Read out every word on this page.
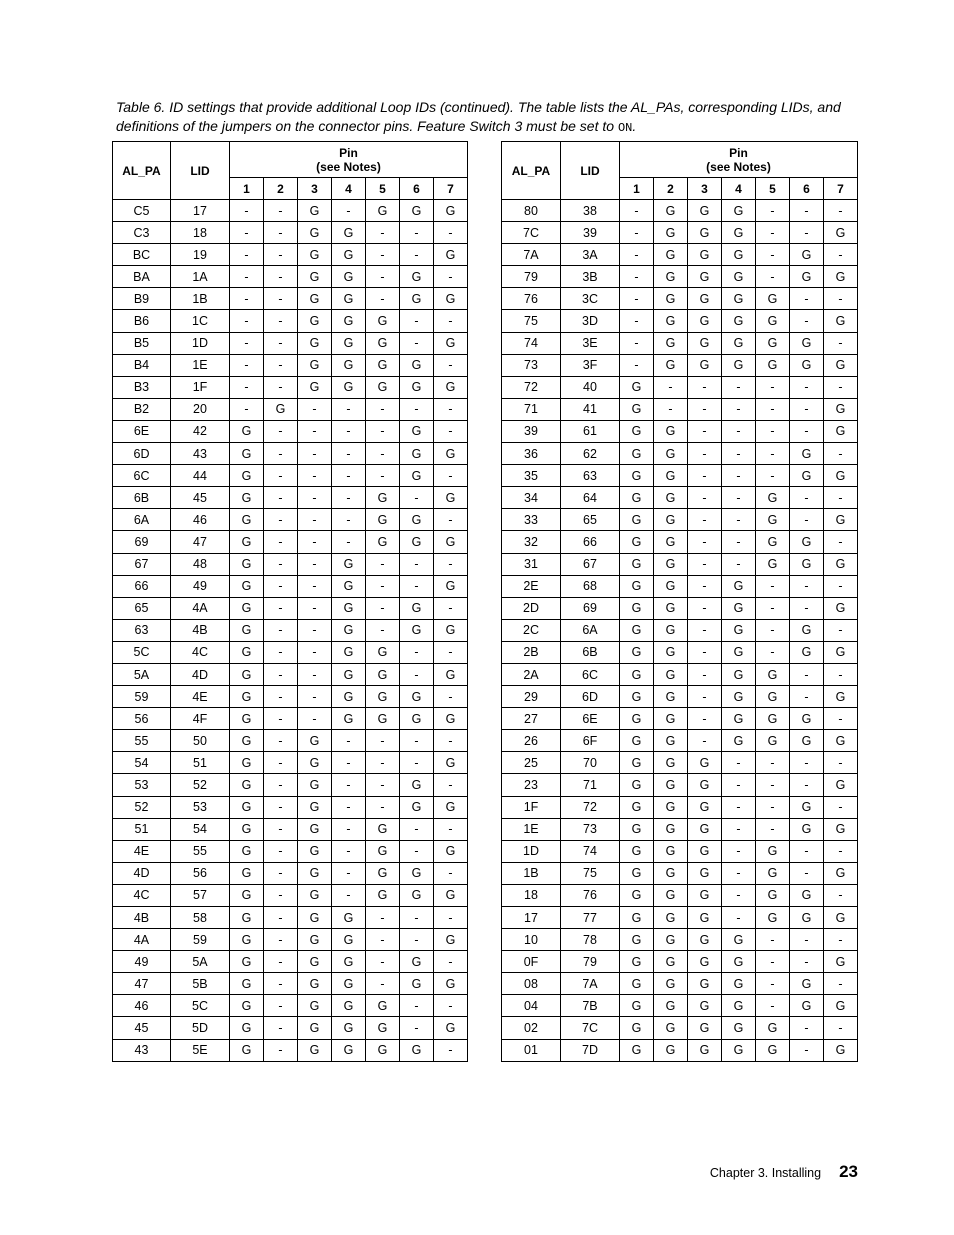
Table 6. ID settings that provide additional Loop IDs (continued). The table lists the AL_PAs, corresponding LIDs, and definitions of the jumpers on the connector pins. Feature Switch 3 must be set to ON.
AL_PA	LID	Pin
(see Notes)								AL_PA	LID	Pin
(see Notes)						
		1	2	3	4	5	6	7				1	2	3	4	5	6	7
C5	17	-	-	G	-	G	G	G		80	38	-	G	G	G	-	-	-
C3	18	-	-	G	G	-	-	-		7C	39	-	G	G	G	-	-	G
BC	19	-	-	G	G	-	-	G		7A	3A	-	G	G	G	-	G	-
BA	1A	-	-	G	G	-	G	-		79	3B	-	G	G	G	-	G	G
B9	1B	-	-	G	G	-	G	G		76	3C	-	G	G	G	G	-	-
B6	1C	-	-	G	G	G	-	-		75	3D	-	G	G	G	G	-	G
B5	1D	-	-	G	G	G	-	G		74	3E	-	G	G	G	G	G	-
B4	1E	-	-	G	G	G	G	-		73	3F	-	G	G	G	G	G	G
B3	1F	-	-	G	G	G	G	G		72	40	G	-	-	-	-	-	-
B2	20	-	G	-	-	-	-	-		71	41	G	-	-	-	-	-	G
6E	42	G	-	-	-	-	G	-		39	61	G	G	-	-	-	-	G
6D	43	G	-	-	-	-	G	G		36	62	G	G	-	-	-	G	-
6C	44	G	-	-	-	-	G	-		35	63	G	G	-	-	-	G	G
6B	45	G	-	-	-	G	-	G		34	64	G	G	-	-	G	-	-
6A	46	G	-	-	-	G	G	-		33	65	G	G	-	-	G	-	G
69	47	G	-	-	-	G	G	G		32	66	G	G	-	-	G	G	-
67	48	G	-	-	G	-	-	-		31	67	G	G	-	-	G	G	G
66	49	G	-	-	G	-	-	G		2E	68	G	G	-	G	-	-	-
65	4A	G	-	-	G	-	G	-		2D	69	G	G	-	G	-	-	G
63	4B	G	-	-	G	-	G	G		2C	6A	G	G	-	G	-	G	-
5C	4C	G	-	-	G	G	-	-		2B	6B	G	G	-	G	-	G	G
5A	4D	G	-	-	G	G	-	G		2A	6C	G	G	-	G	G	-	-
59	4E	G	-	-	G	G	G	-		29	6D	G	G	-	G	G	-	G
56	4F	G	-	-	G	G	G	G		27	6E	G	G	-	G	G	G	-
55	50	G	-	G	-	-	-	-		26	6F	G	G	-	G	G	G	G
54	51	G	-	G	-	-	-	G		25	70	G	G	G	-	-	-	-
53	52	G	-	G	-	-	G	-		23	71	G	G	G	-	-	-	G
52	53	G	-	G	-	-	G	G		1F	72	G	G	G	-	-	G	-
51	54	G	-	G	-	G	-	-		1E	73	G	G	G	-	-	G	G
4E	55	G	-	G	-	G	-	G		1D	74	G	G	G	-	G	-	-
4D	56	G	-	G	-	G	G	-		1B	75	G	G	G	-	G	-	G
4C	57	G	-	G	-	G	G	G		18	76	G	G	G	-	G	G	-
4B	58	G	-	G	G	-	-	-		17	77	G	G	G	-	G	G	G
4A	59	G	-	G	G	-	-	G		10	78	G	G	G	G	-	-	-
49	5A	G	-	G	G	-	G	-		0F	79	G	G	G	G	-	-	G
47	5B	G	-	G	G	-	G	G		08	7A	G	G	G	G	-	G	-
46	5C	G	-	G	G	G	-	-		04	7B	G	G	G	G	-	G	G
45	5D	G	-	G	G	G	-	G		02	7C	G	G	G	G	G	-	-
43	5E	G	-	G	G	G	G	-		01	7D	G	G	G	G	G	-	G
Chapter 3. Installing 23
